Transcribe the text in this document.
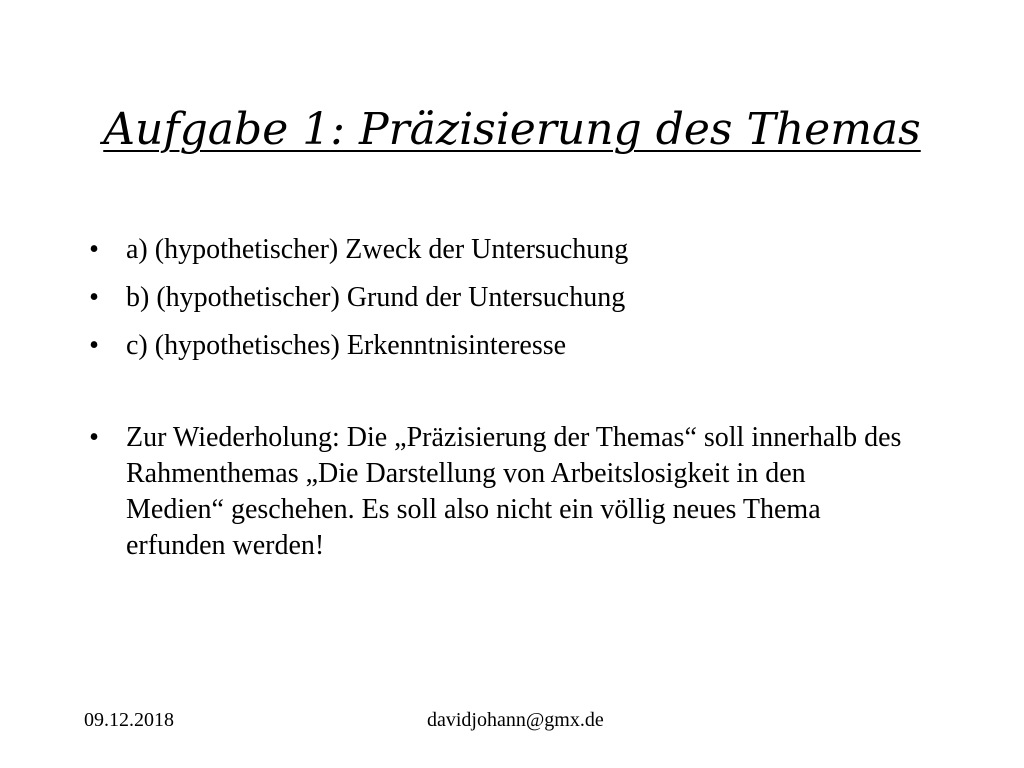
Aufgabe 1: Präzisierung des Themas
• a) (hypothetischer) Zweck der Untersuchung
• b) (hypothetischer) Grund der Untersuchung
• c) (hypothetisches) Erkenntnisinteresse
• Zur Wiederholung: Die „Präzisierung der Themas“ soll innerhalb des Rahmenthemas „Die Darstellung von Arbeitslosigkeit in den Medien“ geschehen. Es soll also nicht ein völlig neues Thema erfunden werden!
09.12.2018	davidjohann@gmx.de
